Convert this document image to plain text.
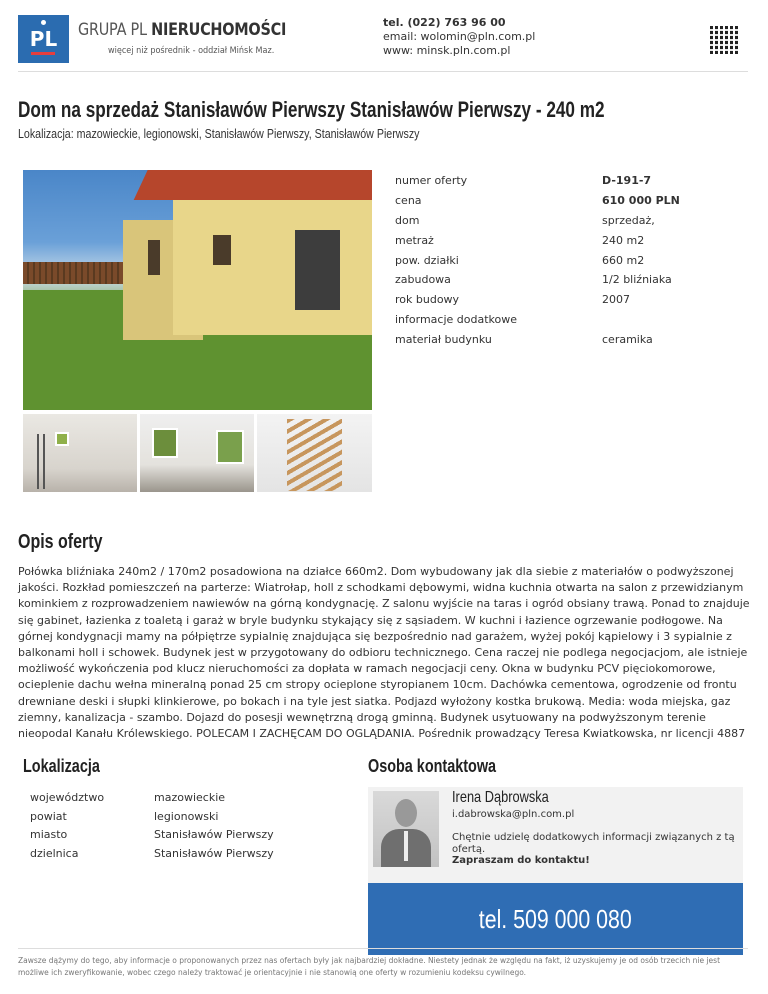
PL GRUPA PL NIERUCHOMOŚCI
więcej niż pośrednik - oddział Mińsk Maz.
tel. (022) 763 96 00
email: wolomin@pln.com.pl
www: minsk.pln.com.pl
Dom na sprzedaż Stanisławów Pierwszy Stanisławów Pierwszy - 240 m2
Lokalizacja: mazowieckie, legionowski, Stanisławów Pierwszy, Stanisławów Pierwszy
numer oferty	D-191-7
cena	610 000 PLN
dom	sprzedaż,
metraż	240 m2
pow. działki	660 m2
zabudowa	1/2 bliźniaka
rok budowy	2007
informacje dodatkowe
materiał budynku	ceramika
Opis oferty

Połówka bliźniaka 240m2 / 170m2 posadowiona na działce 660m2. Dom wybudowany jak dla siebie z materiałów o podwyższonej jakości. Rozkład pomieszczeń na parterze: Wiatrołap, holl z schodkami dębowymi, widna kuchnia otwarta na salon z przewidzianym kominkiem z rozprowadzeniem nawiewów na górną kondygnację. Z salonu wyjście na taras i ogród obsiany trawą. Ponad to znajduje się gabinet, łazienka z toaletą i garaż w bryle budynku stykający się z sąsiadem. W kuchni i łazience ogrzewanie podłogowe. Na górnej kondygnacji mamy na półpiętrze sypialnię znajdująca się bezpośrednio nad garażem, wyżej pokój kąpielowy i 3 sypialnie z balkonami holl i schowek. Budynek jest w przygotowany do odbioru technicznego. Cena raczej nie podlega negocjacjom, ale istnieje możliwość wykończenia pod klucz nieruchomości za dopłata w ramach negocjacji ceny. Okna w budynku PCV pięciokomorowe, ocieplenie dachu wełna mineralną ponad 25 cm stropy ocieplone styropianem 10cm. Dachówka cementowa, ogrodzenie od frontu drewniane deski i słupki klinkierowe, po bokach i na tyle jest siatka. Podjazd wyłożony kostka brukową. Media: woda miejska, gaz ziemny, kanalizacja - szambo. Dojazd do posesji wewnętrzną drogą gminną. Budynek usytuowany na podwyższonym terenie nieopodal Kanału Królewskiego. POLECAM I ZACHĘCAM DO OGLĄDANIA. Pośrednik prowadzący Teresa Kwiatkowska, nr licencji 4887

Lokalizacja
województwo	mazowieckie
powiat	legionowski
miasto	Stanisławów Pierwszy
dzielnica	Stanisławów Pierwszy
Osoba kontaktowa
Irena Dąbrowska
i.dabrowska@pln.com.pl
Chętnie udzielę dodatkowych informacji związanych z tą ofertą.
Zapraszam do kontaktu!
tel. 509 000 080
Zawsze dążymy do tego, aby informacje o proponowanych przez nas ofertach były jak najbardziej dokładne. Niestety jednak że względu na fakt, iż uzyskujemy je od osób trzecich nie jest możliwe ich zweryfikowanie, wobec czego należy traktować je orientacyjnie i nie stanowią one oferty w rozumieniu kodeksu cywilnego.
